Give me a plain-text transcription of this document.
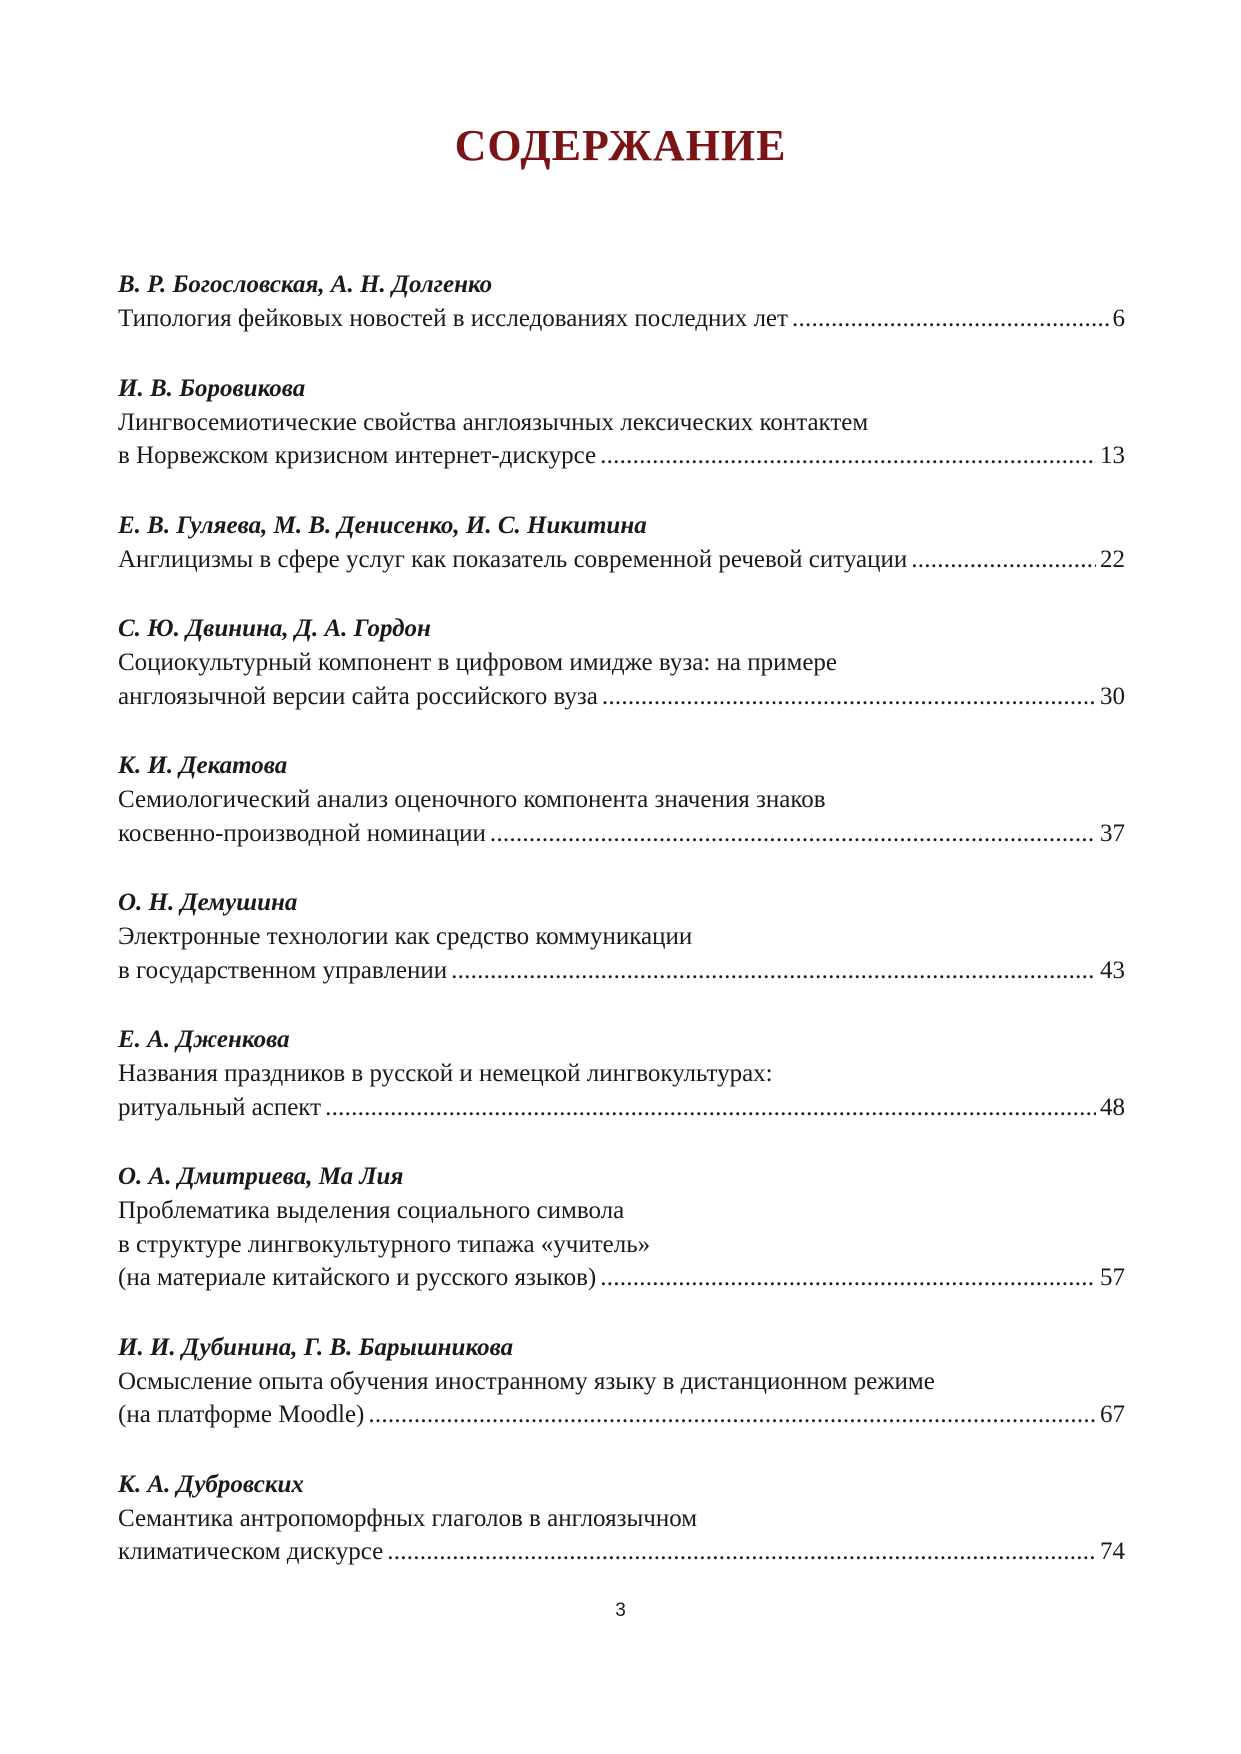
СОДЕРЖАНИЕ
В. Р. Богословская, А. Н. Долгенко
Типология фейковых новостей в исследованиях последних лет . . .	6
И. В. Боровикова
Лингвосемиотические свойства англоязычных лексических контактем
в Норвежском кризисном интернет-дискурсе . . .	13
Е. В. Гуляева, М. В. Денисенко, И. С. Никитина
Англицизмы в сфере услуг как показатель современной речевой ситуации . . .	22
С. Ю. Двинина, Д. А. Гордон
Социокультурный компонент в цифровом имидже вуза: на примере
англоязычной версии сайта российского вуза . . .	30
К. И. Декатова
Семиологический анализ оценочного компонента значения знаков
косвенно-производной номинации . . .	37
О. Н. Демушина
Электронные технологии как средство коммуникации
в государственном управлении . . .	43
Е. А. Дженкова
Названия праздников в русской и немецкой лингвокультурах:
ритуальный аспект . . .	48
О. А. Дмитриева, Ма Лия
Проблематика выделения социального символа
в структуре лингвокультурного типажа «учитель»
(на материале китайского и русского языков) . . .	57
И. И. Дубинина, Г. В. Барышникова
Осмысление опыта обучения иностранному языку в дистанционном режиме
(на платформе Moodle) . . .	67
К. А. Дубровских
Семантика антропоморфных глаголов в англоязычном
климатическом дискурсе . . .	74
3
